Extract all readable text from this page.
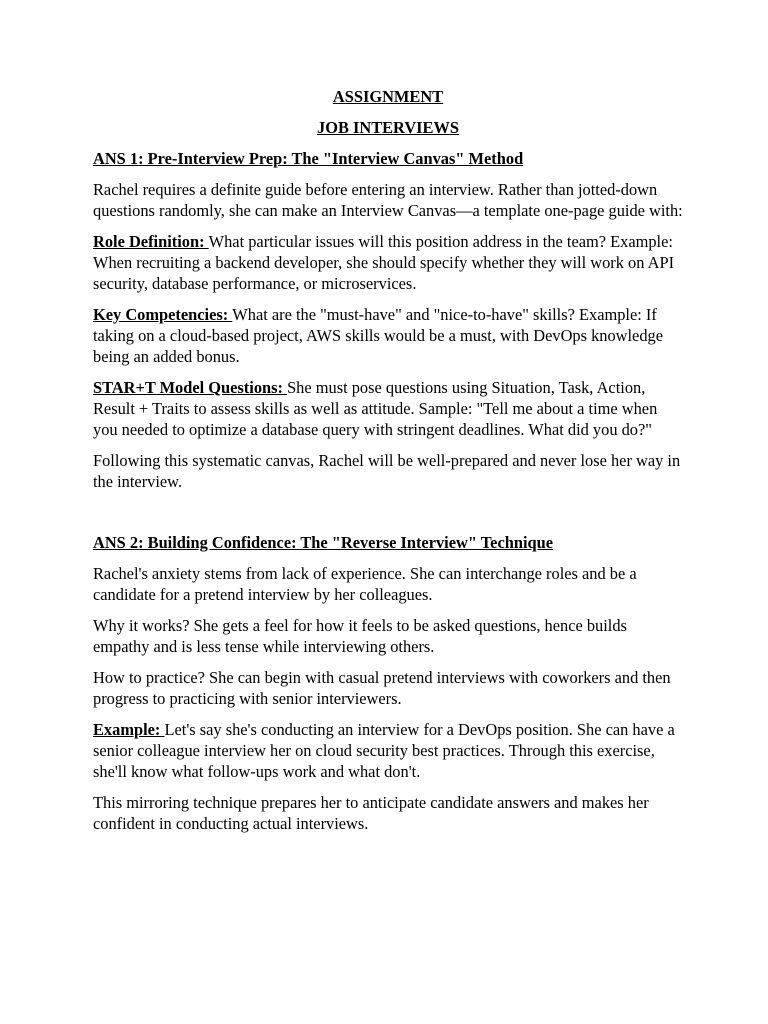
ASSIGNMENT

JOB INTERVIEWS

ANS 1: Pre-Interview Prep: The "Interview Canvas" Method

Rachel requires a definite guide before entering an interview. Rather than jotted-down questions randomly, she can make an Interview Canvas—a template one-page guide with:

Role Definition: What particular issues will this position address in the team? Example: When recruiting a backend developer, she should specify whether they will work on API security, database performance, or microservices.

Key Competencies: What are the "must-have" and "nice-to-have" skills? Example: If taking on a cloud-based project, AWS skills would be a must, with DevOps knowledge being an added bonus.

STAR+T Model Questions: She must pose questions using Situation, Task, Action, Result + Traits to assess skills as well as attitude. Sample: "Tell me about a time when you needed to optimize a database query with stringent deadlines. What did you do?"

Following this systematic canvas, Rachel will be well-prepared and never lose her way in the interview.

ANS 2: Building Confidence: The "Reverse Interview" Technique

Rachel's anxiety stems from lack of experience. She can interchange roles and be a candidate for a pretend interview by her colleagues.

Why it works? She gets a feel for how it feels to be asked questions, hence builds empathy and is less tense while interviewing others.

How to practice? She can begin with casual pretend interviews with coworkers and then progress to practicing with senior interviewers.

Example: Let's say she's conducting an interview for a DevOps position. She can have a senior colleague interview her on cloud security best practices. Through this exercise, she'll know what follow-ups work and what don't.

This mirroring technique prepares her to anticipate candidate answers and makes her confident in conducting actual interviews.
